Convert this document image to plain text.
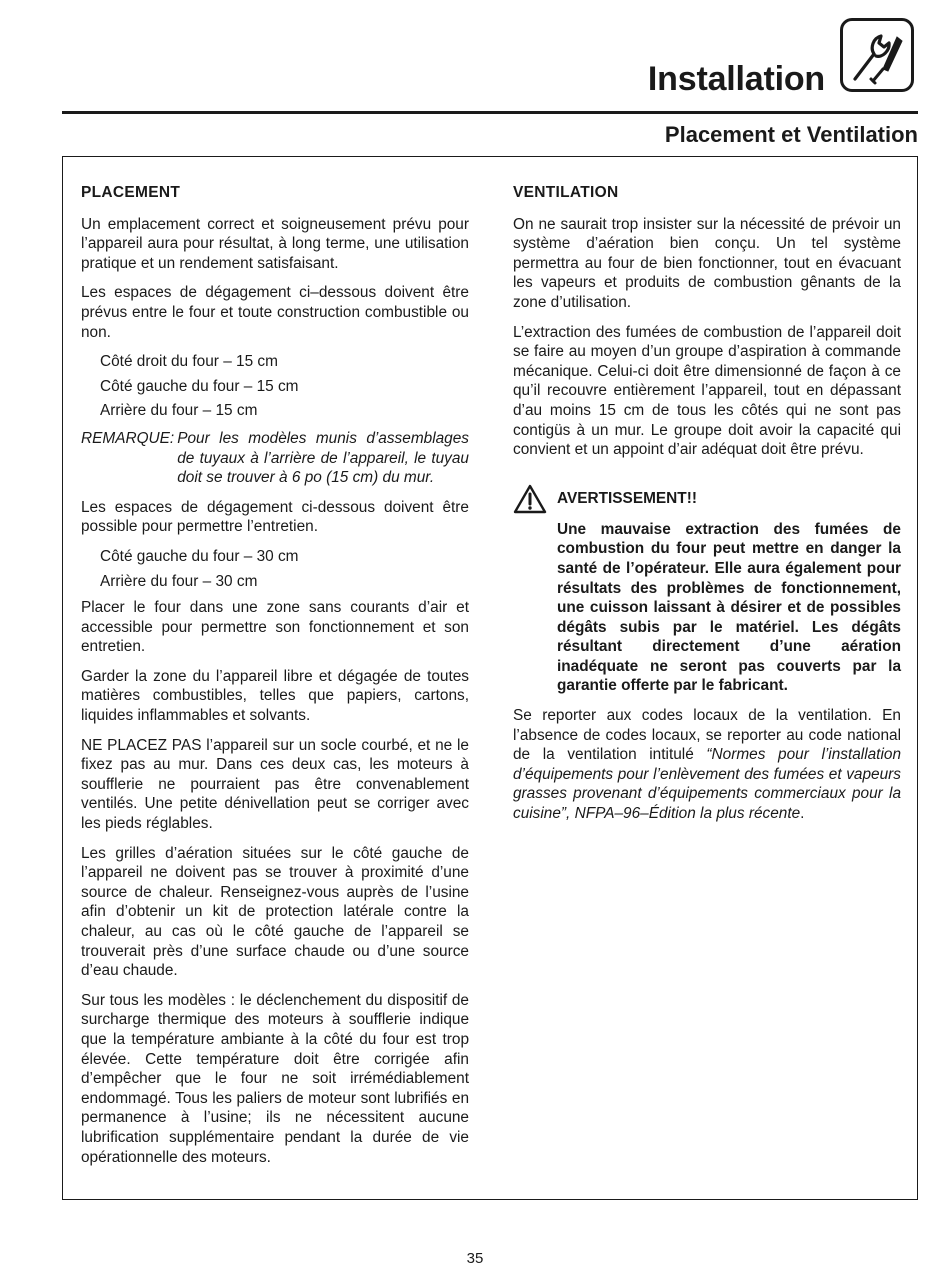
Installation
Placement et Ventilation
PLACEMENT

Un emplacement correct et soigneusement prévu pour l’appareil aura pour résultat, à long terme, une utilisation pratique et un rendement satisfaisant.

Les espaces de dégagement ci–dessous doivent être prévus entre le four et toute construction combustible ou non.

Côté droit du four – 15 cm
Côté gauche du four – 15 cm
Arrière du four – 15 cm
REMARQUE: Pour les modèles munis d’assemblages de tuyaux à l’arrière de l’appareil, le tuyau doit se trouver à 6 po (15 cm) du mur.

Les espaces de dégagement ci-dessous doivent être possible pour permettre l’entretien.

Côté gauche du four – 30 cm
Arrière du four – 30 cm

Placer le four dans une zone sans courants d’air et accessible pour permettre son fonctionnement et son entretien.

Garder la zone du l’appareil libre et dégagée de toutes matières combustibles, telles que papiers, cartons, liquides inflammables et solvants.

NE PLACEZ PAS l’appareil sur un socle courbé, et ne le fixez pas au mur. Dans ces deux cas, les moteurs à soufflerie ne pourraient pas être convenablement ventilés. Une petite dénivellation peut se corriger avec les pieds réglables.

Les grilles d’aération situées sur le côté gauche de l’appareil ne doivent pas se trouver à proximité d’une source de chaleur. Renseignez-vous auprès de l’usine afin d’obtenir un kit de protection latérale contre la chaleur, au cas où le côté gauche de l’appareil se trouverait près d’une surface chaude ou d’une source d’eau chaude.

Sur tous les modèles : le déclenchement du dispositif de surcharge thermique des moteurs à soufflerie indique que la température ambiante à la côté du four est trop élevée. Cette température doit être corrigée afin d’empêcher que le four ne soit irrémédiablement endommagé. Tous les paliers de moteur sont lubrifiés en permanence à l’usine; ils ne nécessitent aucune lubrification supplémentaire pendant la durée de vie opérationnelle des moteurs.

VENTILATION

On ne saurait trop insister sur la nécessité de prévoir un système d’aération bien conçu. Un tel système permettra au four de bien fonctionner, tout en évacuant les vapeurs et produits de combustion gênants de la zone d’utilisation.

L’extraction des fumées de combustion de l’appareil doit se faire au moyen d’un groupe d’aspiration à commande mécanique. Celui-ci doit être dimensionné de façon à ce qu’il recouvre entièrement l’appareil, tout en dépassant d’au moins 15 cm de tous les côtés qui ne sont pas contigüs à un mur. Le groupe doit avoir la capacité qui convient et un appoint d’air adéquat doit être prévu.

AVERTISSEMENT!!

Une mauvaise extraction des fumées de combustion du four peut mettre en danger la santé de l’opérateur. Elle aura également pour résultats des problèmes de fonctionnement, une cuisson laissant à désirer et de possibles dégâts subis par le matériel. Les dégâts résultant directement d’une aération inadéquate ne seront pas couverts par la garantie offerte par le fabricant.

Se reporter aux codes locaux de la ventilation. En l’absence de codes locaux, se reporter au code national de la ventilation intitulé “Normes pour l’installation d’équipements pour l’enlèvement des fumées et vapeurs grasses provenant d’équipements commerciaux pour la cuisine”, NFPA–96–Édition la plus récente.

35
